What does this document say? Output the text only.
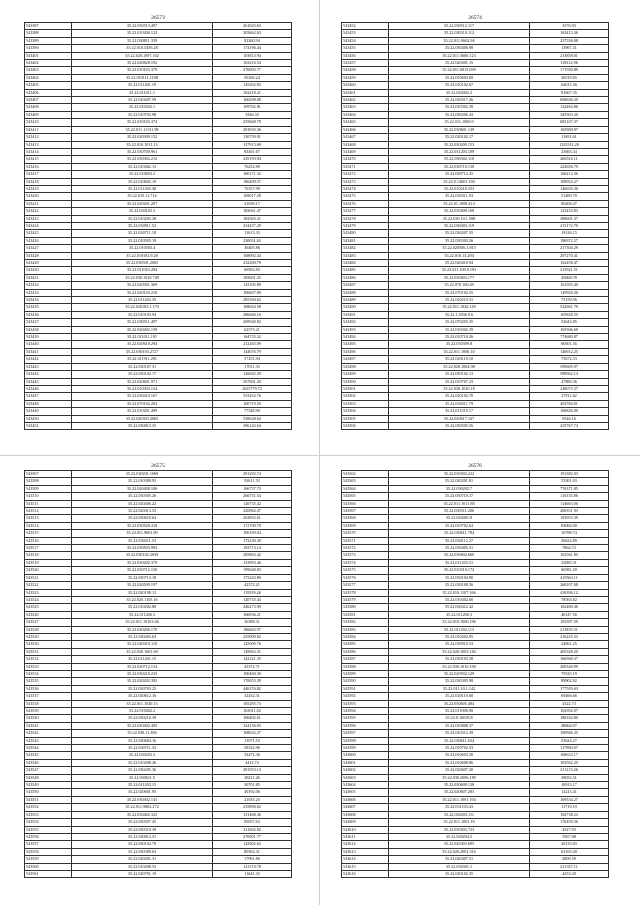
26573
543387	35.22.030513.497	261025.63
543388	35.22.010200.122	205662.63
543389	35.22.030811.339	82260.94
543390	35.22.010.5456.28	174196.44
543401	35.22.020.1097.102	103813.94
543402	35.22.020828.192	163216.54
543403	35.22.010103.379	476093.77
543404	35.22.010111.1198	50106.24
543405	35.22.011401.19	145262.83
543406	35.22.011011.1	162418.21
543407	35.22.010207.59	166298.08
543408	35.22.010302.1	109762.81
543409	35.22.010703.98	3346.33
543410	35.22.010103.374	255668.79
543411	35.22.011.11131.98	281035.36
543412	35.22.020309.152	130759.91
543413	35.22.010.1011.13	137913.69
543414	35.22.030700.961	83401.67
543415	35.22.030302.212	229193.94
543416	35.22.010402.13	76252.89
543417	35.22.010603.2	160171.32
543418	35.22.010602.19	186409.57
543419	35.22.011303.48	76357.99
543420	35.22.010.11.714	169017.28
543421	35.22.020201.207	41639.17
543422	35.22.030102.3	182661.47
543423	35.22.010203.28	182565.21
543424	35.22.030911.52	234437.29
543425	35.22.030711.18	11613.33
543426	35.22.010505.19	230031.63
543427	35.22.010503.4	36405.86
543428	35.22.010102.9.28	168092.44
543429	35.22.030501.2065	232200.79
543430	35.22.011010.284	60502.83
543431	35.22.030.1010.749	185601.25
543432	35.22.020301.369	143105.89
543433	35.22.020103.216	106607.09
543434	35.22.011202.35	285394.62
543435	35.22.020103.1.170	168044.58
543436	35.22.010103.94	286640.16
543437	35.22.030511.497	269940.82
543438	35.22.020402.159	62573.21
543439	35.22.011011.191	164735.32
543440	35.22.020610.294	212265.09
543441	35.22.030103.2727	144676.79
543442	35.22.011911.291	57251.94
543443	35.22.030107.31	17011.33
543444	35.22.030102.17	126045.29
543445	35.22.020601.971	267601.20
543446	35.22.010303.134	1025779.72
543447	35.22.030410.167	553452.76
543448	35.22.070102.203	100710.59
543449	35.22.010201.499	77548.90
543450	35.22.020303.2065	538628.64
543451	35.22.030813.35	296142.64
26574
543452	35.22.030512.117	3576.93
543453	35.22.030310.112	163413.36
543454	35.22.011.9602.94	237556.08
543455	35.22.030406.98	13967.31
543456	35.22.011.5600.123	213858.01
543457	35.22.020401.15	118312.96
543458	35.22.011.6915.039	171950.89
543459	35.22.010603.69	36519.65
543460	35.22.010102.67	64015.36
543461	35.22.020402.2	81667.35
543462	35.22.020317.26	696636.20
543463	35.22.010302.39	124463.86
543464	35.22.030206.43	345503.20
543465	35.22.011.1006.9	685167.37
543466	35.22.030601.139	165900.07
543467	35.22.020102.17	11691.61
543468	35.22.030209.153	1323311.20
543469	35.22.031203.109	23665.34
543470	35.22.030302.110	266516.11
543471	35.22.030710.158	222656.79
543472	35.22.030712.25	166212.36
543473	35.22.0.14001.169	108954.27
543474	35.22.010210.353	146635.36
543475	35.22.030311.93	51469.70
543476	35.22.01.1008.414	86206.47
543477	35.22.030408.168	123433.83
543478	35.22.030.10.1.598	389601.37
543479	35.22.030403.119	213172.70
543480	35.22.030207.35	19126.15
543481	35.22.030303.26	196972.27
543482	35.22.020506.1.813	217304.29
543483	35.22.010.13.294	207270.41
543484	35.22.020410.94	162458.47
543485	35.22.011.100.9.193	213921.51
543486	35.22.030403.177	45068.78
543487	35.22.070.100.49	161593.40
543488	35.22.070102.55	129920.36
543489	35.22.010210.31	75159.56
543490	35.22.011.1026.149	522661.79
543491	35.22.1.2036.9.6	105828.55
543492	35.22.070203.35	52643.85
543493	35.22.010302.39	165506.60
543494	35.22.010710.26	774680.87
543495	35.22.030309.8	60501.56
543496	35.22.011.1006.10	146912.25
543497	35.22.020110.10	75672.53
543498	35.22.020.1004.98	599605.97
543499	35.22.030102.13	588962.14
543500	35.22.010707.23	47886.36
543501	35.22.030.1010.18	248073.37
543502	35.22.020102.70	27911.62
543503	35.22.030211.79	203784.01
543504	35.22.011010.17	106826.00
543505	35.22.020617.167	9546.16
543506	35.22.030505.56	225767.74
26575
543507	35.22.030201.1069	291292.74
543508	35.22.010300.93	92611.33
543509	35.22.020408.106	166737.73
543510	35.22.030505.26	266751.54
543511	35.22.020406.22	126735.42
543512	35.22.020413.53	226962.47
543513	35.22.030610.64	263832.61
543514	35.22.030520.418	172700.79
543515	35.22.011.9601.90	100169.04
543516	35.22.030211.53	172230.30
543517	35.22.030503.993	193713.14
543518	35.22.030102.2039	285863.42
543519	35.22.030202.379	133993.46
543520	35.22.030712.150	199640.83
543521	35.22.030713.18	175243.80
543522	35.22.020509.197	42572.21
543523	35.22.020108.13	119339.26
543524	35.22.020.1105.16	120735.43
543525	35.22.010202.88	246273.99
543526	35.22.011206.3	166936.21
543527	35.22.011.10101.66	36388.31
543528	35.22.020206.170	186663.97
543529	35.22.030403.63	255009.82
543530	35.22.020410.110	125006.76
543531	35.22.030.1601.69	149663.31
543532	35.22.011401.15	142321.35
543533	35.22.020712.134	43372.71
543534	35.22.030210.235	100460.30
543535	35.22.020202.392	170653.39
543536	35.22.030703.25	446376.82
543537	35.22.020612.16	32432.31
543538	35.22.011.1020.13	185285.73
543539	35.22.010402.2	163011.02
543540	35.22.030210.39	106402.61
543541	35.22.020402.405	324156.03
543542	35.22.030.11.306	168632.27
543543	35.22.030604.16	13971.53
543544	35.22.030711.33	58332.96
543545	35.22.030203.3	32472.36
543546	35.22.010208.26	4412.72
543547	35.22.030205.36	281553.13
543548	35.22.030611.5	28211.26
543549	35.22.011203.15	30701.85
543550	35.22.020601.95	49192.06
543551	35.22.030302.141	21033.25
543552	35.22.011.9802.272	235896.02
543553	35.22.030402.323	131468.36
543554	35.22.030507.45	85057.63
543555	35.22.030310.39	221602.82
543556	35.22.030812.51	276901.77
543557	35.22.030102.79	142902.62
543558	35.22.030309.63	80302.31
543559	35.22.020201.31	17961.86
543560	35.22.010208.53	141374.78
543561	35.22.020701.19	11641.33
26576
543562	35.22.030303.222	191382.03
543563	35.22.020201.81	53301.03
543564	35.22.030202.7	776371.85
543565	35.22.030710.37	110135.86
543566	35.22.011.1011.88	114663.06
543567	35.22.030511.206	206351.93
543568	35.22.020401.8	193953.39
543569	35.22.010702.64	84066.00
543570	35.22.030611.784	16788.74
543571	35.22.030112.27	56622.89
543572	35.22.030405.31	7864.72
543573	35.22.030602.660	102561.85
543574	35.22.011203.31	23083.31
543575	35.22.010310.172	66581.20
543576	35.22.030104.90	419563.11
543577	35.22.030108.56	260107.08
543578	35.22.010.1107.166	416396.12
543579	35.22.010402.60	78563.82
543580	35.22.030412.42	102480.46
543581	35.22.011206.3	40147.56
543582	35.22.010.1006.196	103397.59
543583	35.22.011202.113	211835.31
543584	35.22.010202.95	216225.33
543585	35.22.030910.53	24061.25
543586	35.22.020.1003.184	405348.20
543587	35.22.030103.58	166560.37
543588	35.22.030.1010.190	200340.99
543589	35.22.020502.129	75525.19
543590	35.22.030305.98	89902.92
543591	35.22.011.10.1.142	177595.63
543592	35.22.020110.60	69466.66
543593	35.22.030605.484	4322.73
543594	35.22.011006.90	102392.07
543595	35.22.0.16018.8	188162.80
543596	35.22.010808.37	48664.07
543597	35.22.010312.39	190946.35
543598	35.22.030611.634	53624.27
543599	35.22.010702.53	117900.07
543600	35.22.010603.50	168633.17
543601	35.22.010608.86	103562.25
543602	35.22.020607.20	211213.26
543603	35.22.030.2006.189	38052.31
543604	35.22.030608.128	16913.17
543605	35.22.020607.283	14213.41
543606	35.22.011.1001.194	169534.27
543607	35.22.031103.43	11719.19
543608	35.22.030203.111	104738.23
543609	35.22.011.1001.18	176459.36
543610	35.22.030503.723	4527.93
543611	35.22.020204.5	5567.08
543612	35.22.020303.695	20133.83
543613	35.22.020.2001.316	63163.40
543614	35.22.020407.51	2800.59
543615	35.22.030301.1	231337.11
543616	35.22.020102.35	4253.20
